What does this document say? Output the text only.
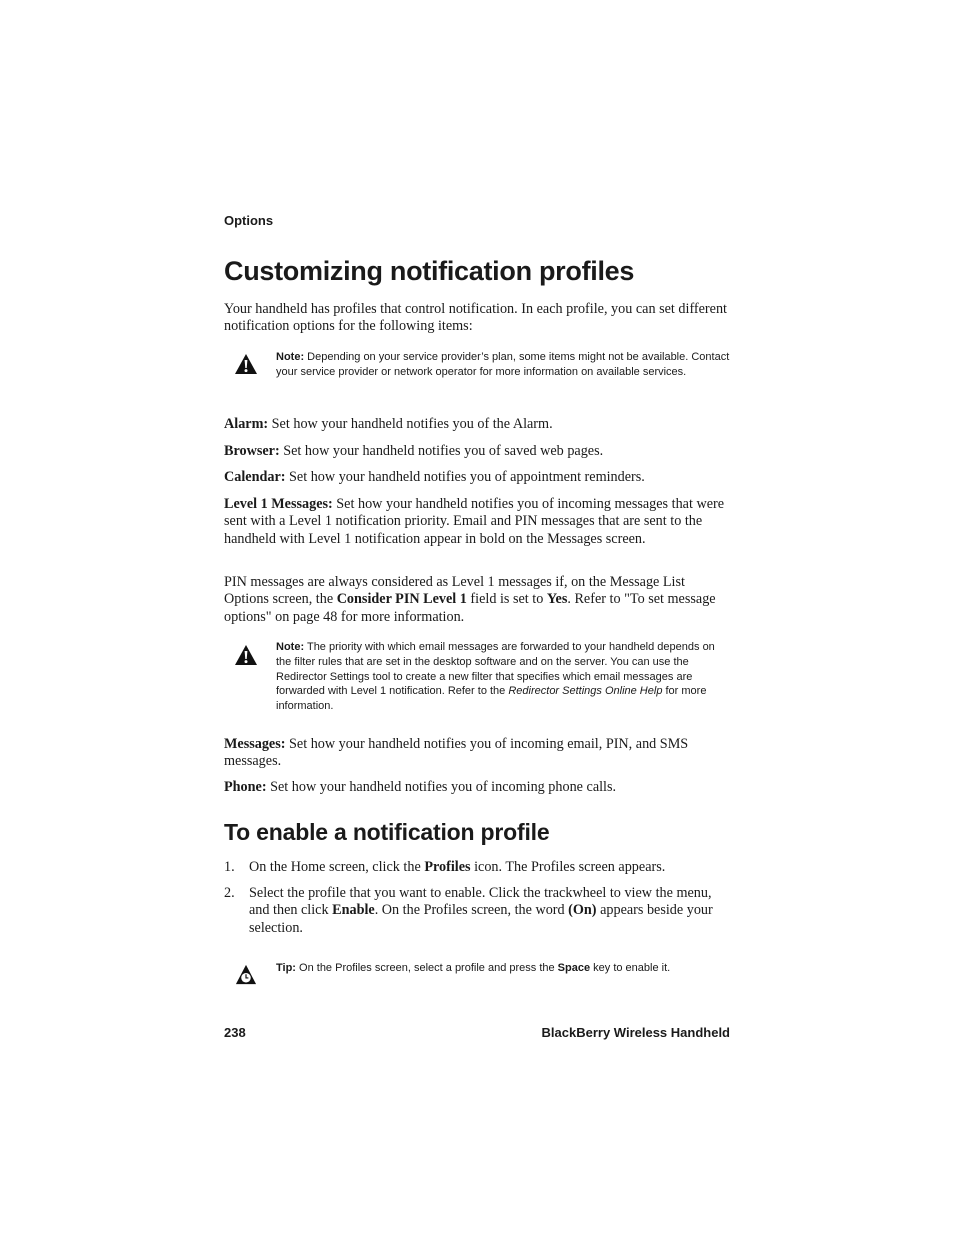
Options
Customizing notification profiles

Your handheld has profiles that control notification. In each profile, you can set different notification options for the following items:

Note: Depending on your service provider’s plan, some items might not be available. Contact your service provider or network operator for more information on available services.

Alarm: Set how your handheld notifies you of the Alarm.

Browser: Set how your handheld notifies you of saved web pages.

Calendar: Set how your handheld notifies you of appointment reminders.

Level 1 Messages: Set how your handheld notifies you of incoming messages that were sent with a Level 1 notification priority. Email and PIN messages that are sent to the handheld with Level 1 notification appear in bold on the Messages screen.

PIN messages are always considered as Level 1 messages if, on the Message List Options screen, the Consider PIN Level 1 field is set to Yes. Refer to "To set message options" on page 48 for more information.

Note: The priority with which email messages are forwarded to your handheld depends on the filter rules that are set in the desktop software and on the server. You can use the Redirector Settings tool to create a new filter that specifies which email messages are forwarded with Level 1 notification. Refer to the Redirector Settings Online Help for more information.

Messages: Set how your handheld notifies you of incoming email, PIN, and SMS messages.

Phone: Set how your handheld notifies you of incoming phone calls.

To enable a notification profile
1. On the Home screen, click the Profiles icon. The Profiles screen appears.
2. Select the profile that you want to enable. Click the trackwheel to view the menu, and then click Enable. On the Profiles screen, the word (On) appears beside your selection.
Tip: On the Profiles screen, select a profile and press the Space key to enable it.
238	BlackBerry Wireless Handheld
